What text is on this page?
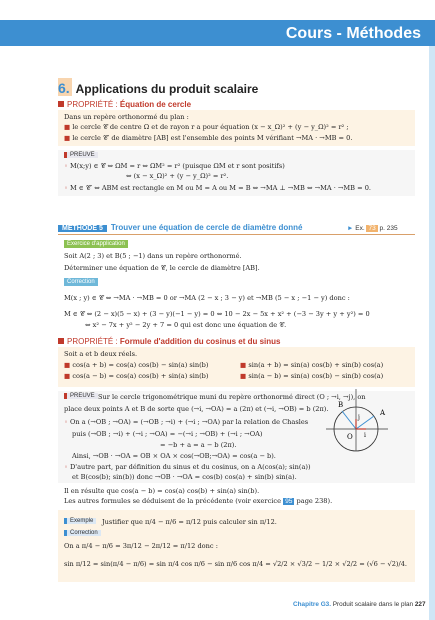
Cours - Méthodes
6. Applications du produit scalaire
PROPRIÉTÉ : Équation de cercle
Dans un repère orthonormé du plan :
■ le cercle 𝒞 de centre Ω et de rayon r a pour équation (x − x_Ω)² + (y − y_Ω)² = r² ;
■ le cercle 𝒞′ de diamètre [AB] est l'ensemble des points M vérifiant →MA · →MB = 0.
PREUVE
◦ M(x;y) ∈ 𝒞 ⇔ ΩM = r ⇔ ΩM² = r² (puisque ΩM et r sont positifs)
⇔ (x − x_Ω)² + (y − y_Ω)² = r².
◦ M ∈ 𝒞′ ⇔ ABM est rectangle en M ou M = A ou M = B ⇔ →MA ⊥ →MB ⇔ →MA · →MB = 0.
MÉTHODE 5 Trouver une équation de cercle de diamètre donné	► Ex. 73 p. 235
Exercice d'application
Soit A(2 ; 3) et B(5 ; −1) dans un repère orthonormé.
Déterminer une équation de 𝒞, le cercle de diamètre [AB].
Correction
M(x ; y) ∈ 𝒞 ⇔ →MA · →MB = 0 or →MA (2 − x ; 3 − y) et →MB (5 − x ; −1 − y) donc :
M ∈ 𝒞 ⇔ (2 − x)(5 − x) + (3 − y)(−1 − y) = 0 ⇔ 10 − 2x − 5x + x² + (−3 − 3y + y + y²) = 0
⇔ x² − 7x + y² − 2y + 7 = 0 qui est donc une équation de 𝒞.
PROPRIÉTÉ : Formule d'addition du cosinus et du sinus
Soit a et b deux réels.
■ cos(a + b) = cos(a) cos(b) − sin(a) sin(b)
■ cos(a − b) = cos(a) cos(b) + sin(a) sin(b)
■ sin(a + b) = sin(a) cos(b) + sin(b) cos(a)
■ sin(a − b) = sin(a) cos(b) − sin(b) cos(a)
PREUVE Sur le cercle trigonométrique muni du repère orthonormé direct (O ; →i, →j), on
place deux points A et B de sorte que (→i, →OA) = a (2π) et (→i, →OB) = b (2π).
◦ On a (→OB ; →OA) = (→OB ; →i) + (→i ; →OA) par la relation de Chasles
puis (→OB ; →i) + (→i ; →OA) = −(→i ; →OB) + (→i ; →OA)
= −b + a = a − b (2π).
Ainsi, →OB · →OA = OB × OA × cos(→OB;→OA) = cos(a − b).
◦ D'autre part, par définition du sinus et du cosinus, on a A(cos(a); sin(a))
et B(cos(b); sin(b)) donc →OB · →OA = cos(b) cos(a) + sin(b) sin(a).
Il en résulte que cos(a − b) = cos(a) cos(b) + sin(a) sin(b).
Les autres formules se déduisent de la précédente (voir exercice 95 page 238).
B
A
O i
j
Exemple	Justifier que π/4 − π/6 = π/12 puis calculer sin π/12.
Correction
On a π/4 − π/6 = 3π/12 − 2π/12 = π/12 donc :
sin π/12 = sin(π/4 − π/6) = sin π/4 cos π/6 − sin π/6 cos π/4 = √2/2 × √3/2 − 1/2 × √2/2 = (√6 − √2)/4.
Chapitre G3. Produit scalaire dans le plan 227
